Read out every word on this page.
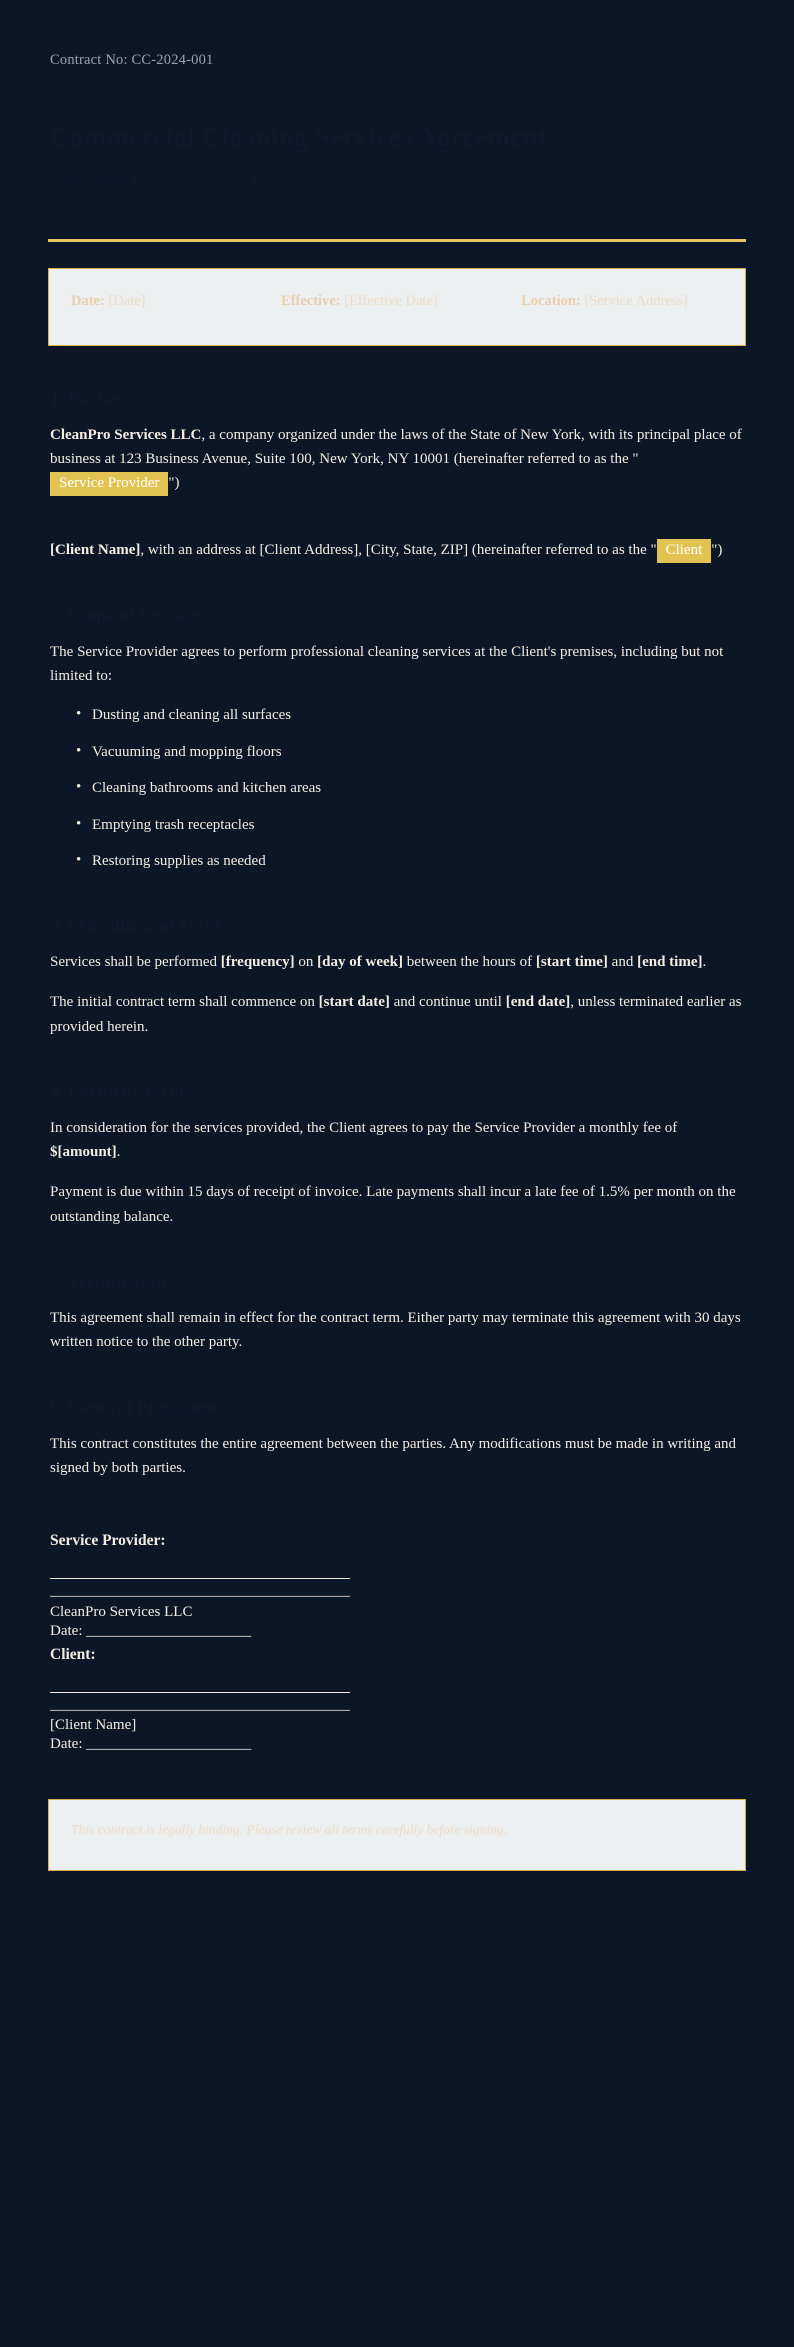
Contract No: CC-2024-001
Commercial Cleaning Services Agreement
Professional Cleaning Services Contract
Date: [Date]	Effective: [Effective Date]	Location: [Service Address]
1. Parties

CleanPro Services LLC, a company organized under the laws of the State of New York, with its principal place of business at 123 Business Avenue, Suite 100, New York, NY 10001 (hereinafter referred to as the "Service Provider ")

[Client Name], with an address at [Client Address], [City, State, ZIP] (hereinafter referred to as the " Client ")

2. Scope of Services

The Service Provider agrees to perform professional cleaning services at the Client's premises, including but not limited to:

• Dusting and cleaning all surfaces
• Vacuuming and mopping floors
• Cleaning bathrooms and kitchen areas
• Emptying trash receptacles
• Restoring supplies as needed
3. Schedule and Term

Services shall be performed [frequency] on [day of week] between the hours of [start time] and [end time].

The initial contract term shall commence on [start date] and continue until [end date], unless terminated earlier as provided herein.

4. Payment Terms

In consideration for the services provided, the Client agrees to pay the Service Provider a monthly fee of $[amount].

Payment is due within 15 days of receipt of invoice. Late payments shall incur a late fee of 1.5% per month on the outstanding balance.

5. Termination

This agreement shall remain in effect for the contract term. Either party may terminate this agreement with 30 days written notice to the other party.

6. General Provisions

This contract constitutes the entire agreement between the parties. Any modifications must be made in writing and signed by both parties.

Service Provider:
________________________________________
CleanPro Services LLC
Date: ______________________
Client:
________________________________________
[Client Name]
Date: ______________________

This contract is legally binding. Please review all terms carefully before signing.
